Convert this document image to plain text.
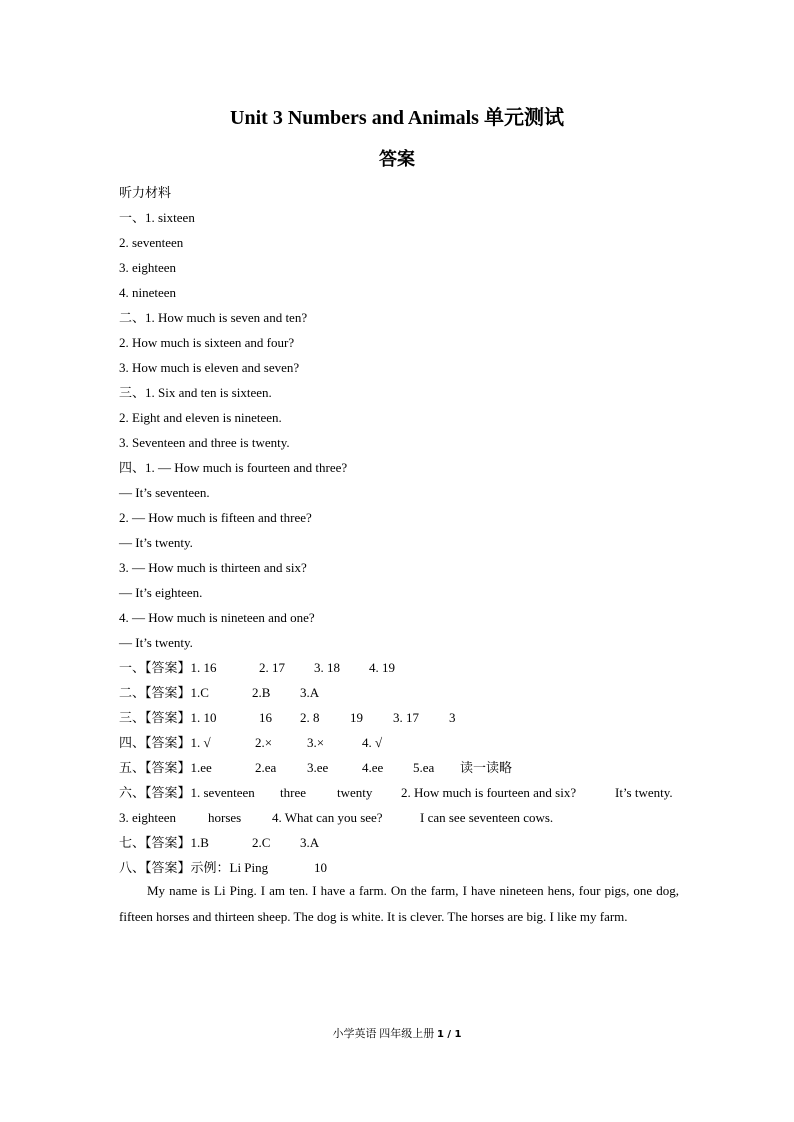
Unit 3 Numbers and Animals 单元测试
答案
听力材料
一、1. sixteen
2. seventeen
3. eighteen
4. nineteen
二、1. How much is seven and ten?
2. How much is sixteen and four?
3. How much is eleven and seven?
三、1. Six and ten is sixteen.
2. Eight and eleven is nineteen.
3. Seventeen and three is twenty.
四、1. — How much is fourteen and three?
— It’s seventeen.
2. — How much is fifteen and three?
— It’s twenty.
3. — How much is thirteen and six?
— It’s eighteen.
4. — How much is nineteen and one?
— It’s twenty.
一、【答案】1. 16	2. 17 3. 18 4. 19
二、【答案】1.C	2.B 3.A
三、【答案】1. 10	16 2. 8 19 3. 17 3
四、【答案】1. √	2.×	3.×	4. √
五、【答案】1.ee	2.ea 3.ee	4.ee 5.ea 读一读略
六、【答案】1. seventeen three twenty 2. How much is fourteen and six?	It’s twenty.
3. eighteen horses 4. What can you see?	I can see seventeen cows.
七、【答案】1.B	2.C 3.A
八、【答案】示例：Li Ping	10
My name is Li Ping. I am ten. I have a farm. On the farm, I have nineteen hens, four pigs, one dog, fifteen horses and thirteen sheep. The dog is white. It is clever. The horses are big. I like my farm.
小学英语 四年级上册 1 / 1
